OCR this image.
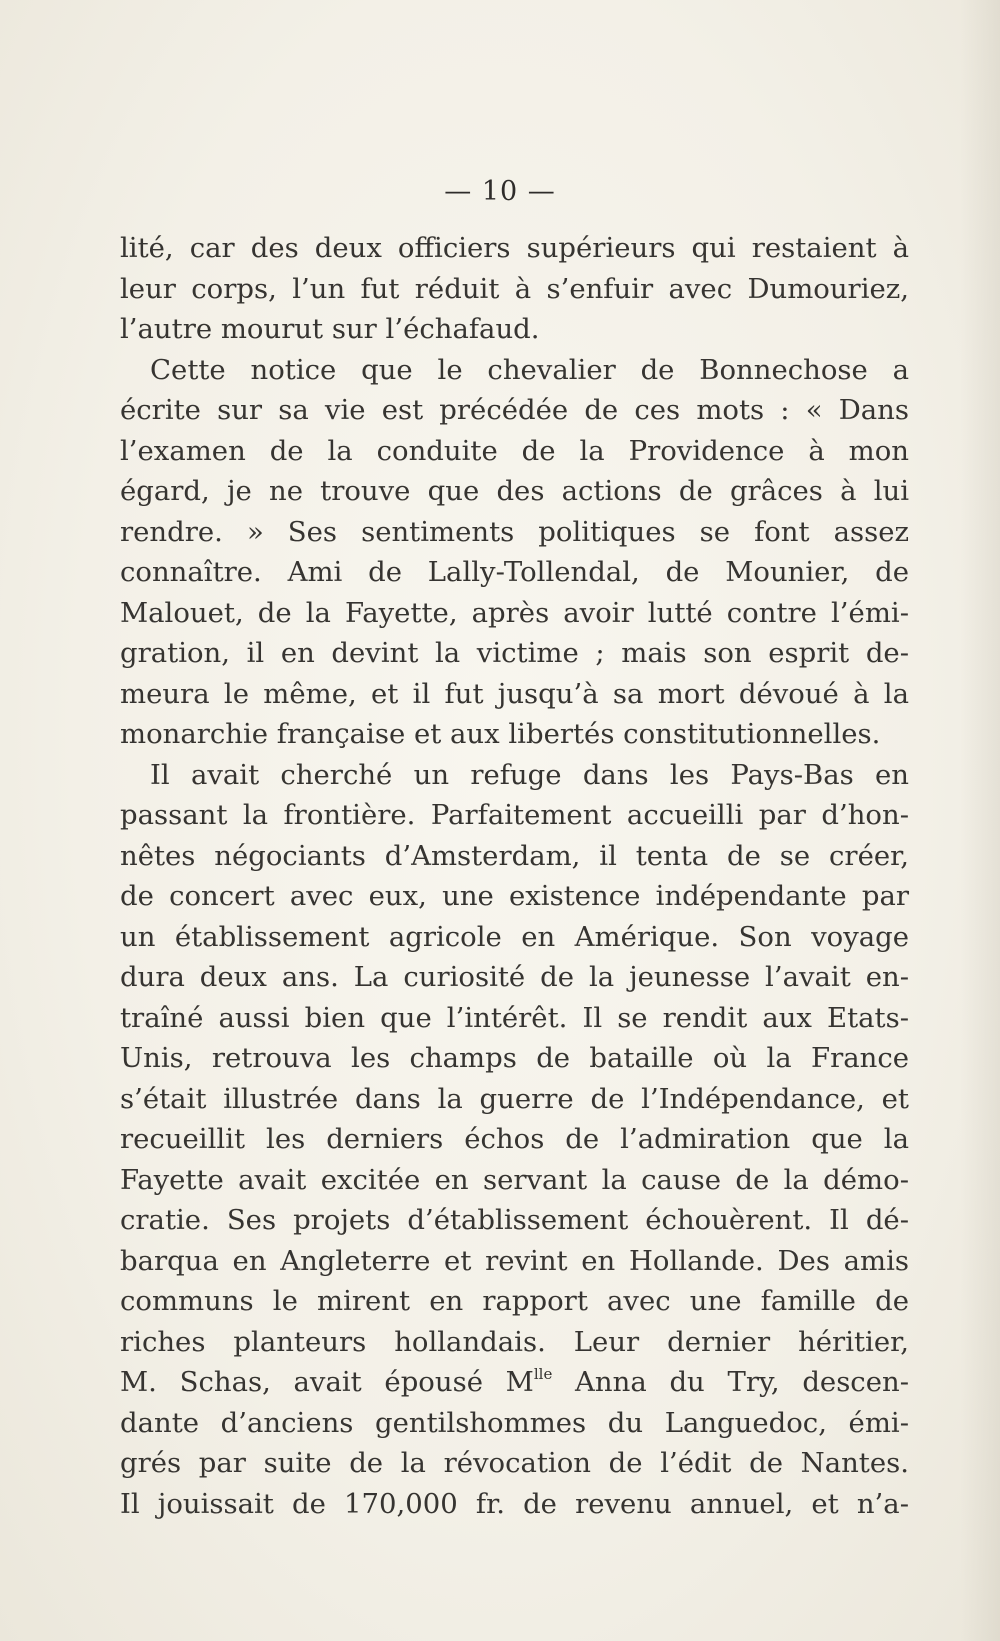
— 10 —
lité, car des deux officiers supérieurs qui restaient à
leur corps, l’un fut réduit à s’enfuir avec Dumouriez,
l’autre mourut sur l’échafaud.
Cette notice que le chevalier de Bonnechose a
écrite sur sa vie est précédée de ces mots : « Dans
l’examen de la conduite de la Providence à mon
égard, je ne trouve que des actions de grâces à lui
rendre. » Ses sentiments politiques se font assez
connaître. Ami de Lally-Tollendal, de Mounier, de
Malouet, de la Fayette, après avoir lutté contre l’émi-
gration, il en devint la victime ; mais son esprit de-
meura le même, et il fut jusqu’à sa mort dévoué à la
monarchie française et aux libertés constitutionnelles.
Il avait cherché un refuge dans les Pays-Bas en
passant la frontière. Parfaitement accueilli par d’hon-
nêtes négociants d’Amsterdam, il tenta de se créer,
de concert avec eux, une existence indépendante par
un établissement agricole en Amérique. Son voyage
dura deux ans. La curiosité de la jeunesse l’avait en-
traîné aussi bien que l’intérêt. Il se rendit aux Etats-
Unis, retrouva les champs de bataille où la France
s’était illustrée dans la guerre de l’Indépendance, et
recueillit les derniers échos de l’admiration que la
Fayette avait excitée en servant la cause de la démo-
cratie. Ses projets d’établissement échouèrent. Il dé-
barqua en Angleterre et revint en Hollande. Des amis
communs le mirent en rapport avec une famille de
riches planteurs hollandais. Leur dernier héritier,
M. Schas, avait épousé $M^{lle}$ Anna du Try, descen-
dante d’anciens gentilshommes du Languedoc, émi-
grés par suite de la révocation de l’édit de Nantes.
Il jouissait de 170,000 fr. de revenu annuel, et n’a-
